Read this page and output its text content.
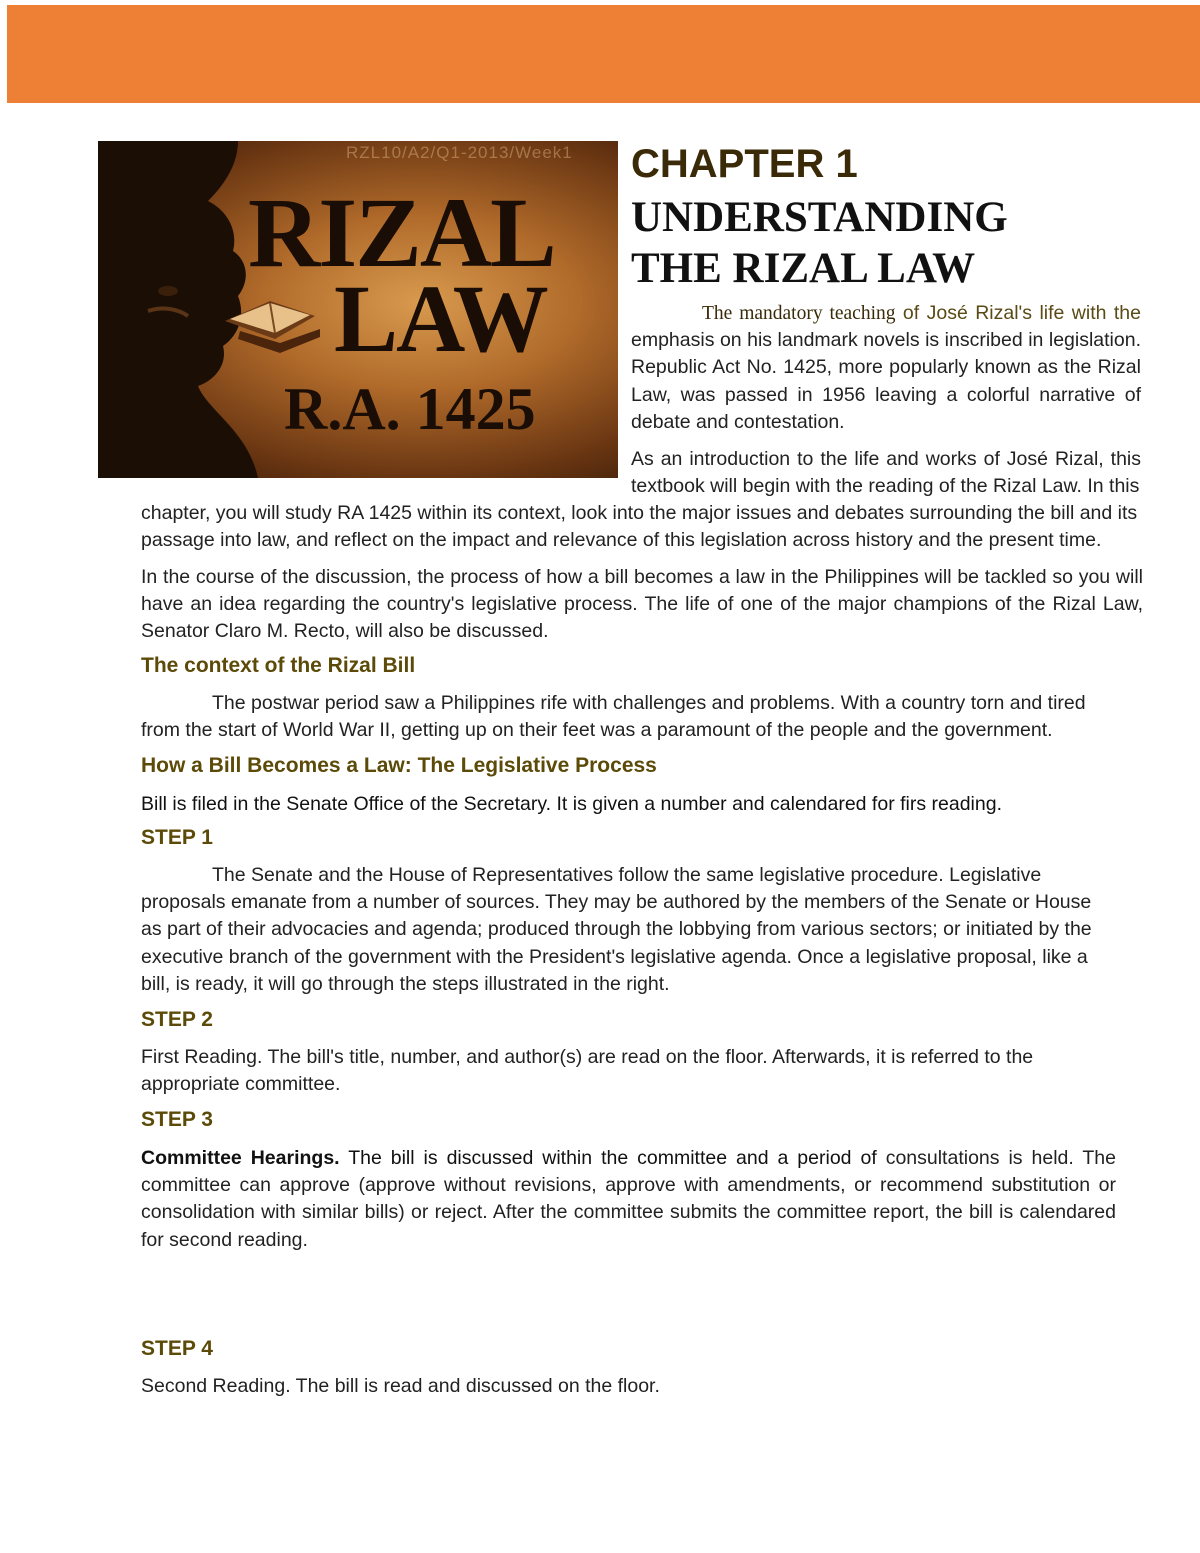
RZL10/A2/Q1-2013/Week1
RIZAL
LAW
R.A. 1425
CHAPTER 1
UNDERSTANDING
THE RIZAL LAW

The mandatory teaching of José Rizal's life with the emphasis on his landmark novels is inscribed in legislation. Republic Act No. 1425, more popularly known as the Rizal Law, was passed in 1956 leaving a colorful narrative of debate and contestation.

As an introduction to the life and works of José Rizal, this textbook will begin with the reading of the Rizal Law. In this

chapter, you will study RA 1425 within its context, look into the major issues and debates surrounding the bill and its passage into law, and reflect on the impact and relevance of this legislation across history and the present time.

In the course of the discussion, the process of how a bill becomes a law in the Philippines will be tackled so you will have an idea regarding the country's legislative process. The life of one of the major champions of the Rizal Law, Senator Claro M. Recto, will also be discussed.

The context of the Rizal Bill

The postwar period saw a Philippines rife with challenges and problems. With a country torn and tired from the start of World War II, getting up on their feet was a paramount of the people and the government.

How a Bill Becomes a Law: The Legislative Process

Bill is filed in the Senate Office of the Secretary. It is given a number and calendared for firs reading.

STEP 1

The Senate and the House of Representatives follow the same legislative procedure. Legislative proposals emanate from a number of sources. They may be authored by the members of the Senate or House as part of their advocacies and agenda; produced through the lobbying from various sectors; or initiated by the executive branch of the government with the President's legislative agenda. Once a legislative proposal, like a bill, is ready, it will go through the steps illustrated in the right.

STEP 2

First Reading. The bill's title, number, and author(s) are read on the floor. Afterwards, it is referred to the appropriate committee.

STEP 3

Committee Hearings. The bill is discussed within the committee and a period of consultations is held. The committee can approve (approve without revisions, approve with amendments, or recommend substitution or consolidation with similar bills) or reject. After the committee submits the committee report, the bill is calendared for second reading.

STEP 4

Second Reading. The bill is read and discussed on the floor.
